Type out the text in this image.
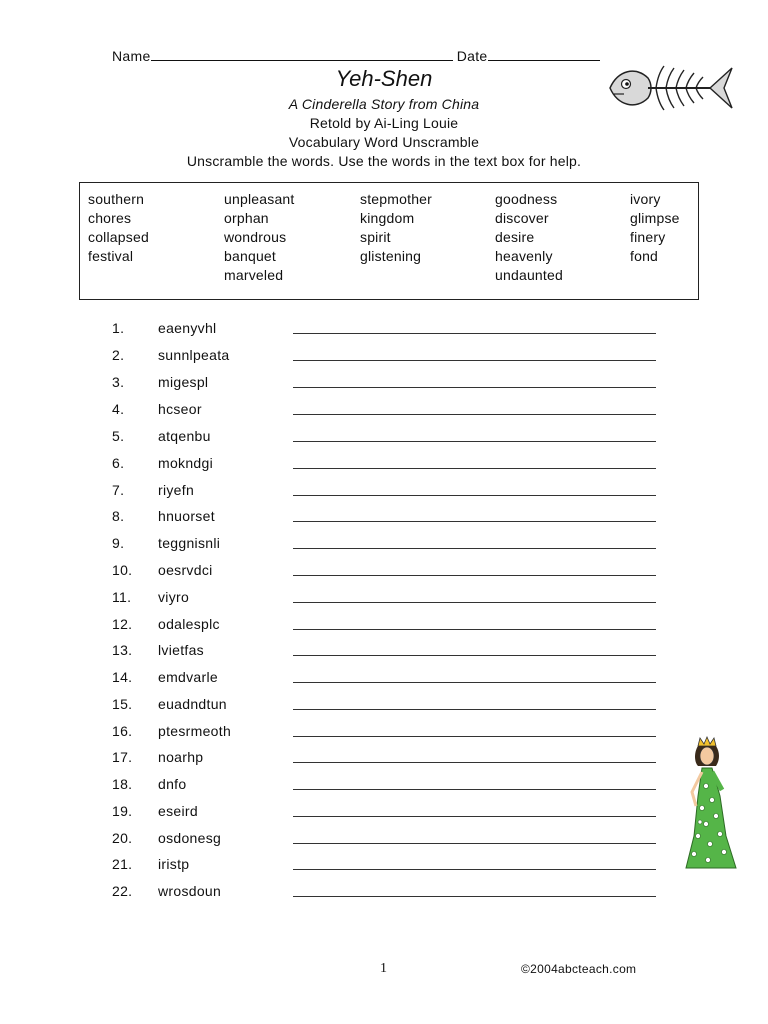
Name	Date
Yeh-Shen
A Cinderella Story from China
Retold by Ai-Ling Louie
Vocabulary Word Unscramble
Unscramble the words. Use the words in the text box for help.
southern
chores
collapsed
festival
unpleasant
orphan
wondrous
banquet
marveled
stepmother
kingdom
spirit
glistening
goodness
discover
desire
heavenly
undaunted
ivory
glimpse
finery
fond
1. eaenyvhl
2. sunnlpeata
3. migespl
4. hcseor
5. atqenbu
6. mokndgi
7. riyefn
8. hnuorset
9. teggnisnli
10. oesrvdci
11. viyro
12. odalesplc
13. lvietfas
14. emdvarle
15. euadndtun
16. ptesrmeoth
17. noarhp
18. dnfo
19. eseird
20. osdonesg
21. iristp
22. wrosdoun
1	©2004abcteach.com
